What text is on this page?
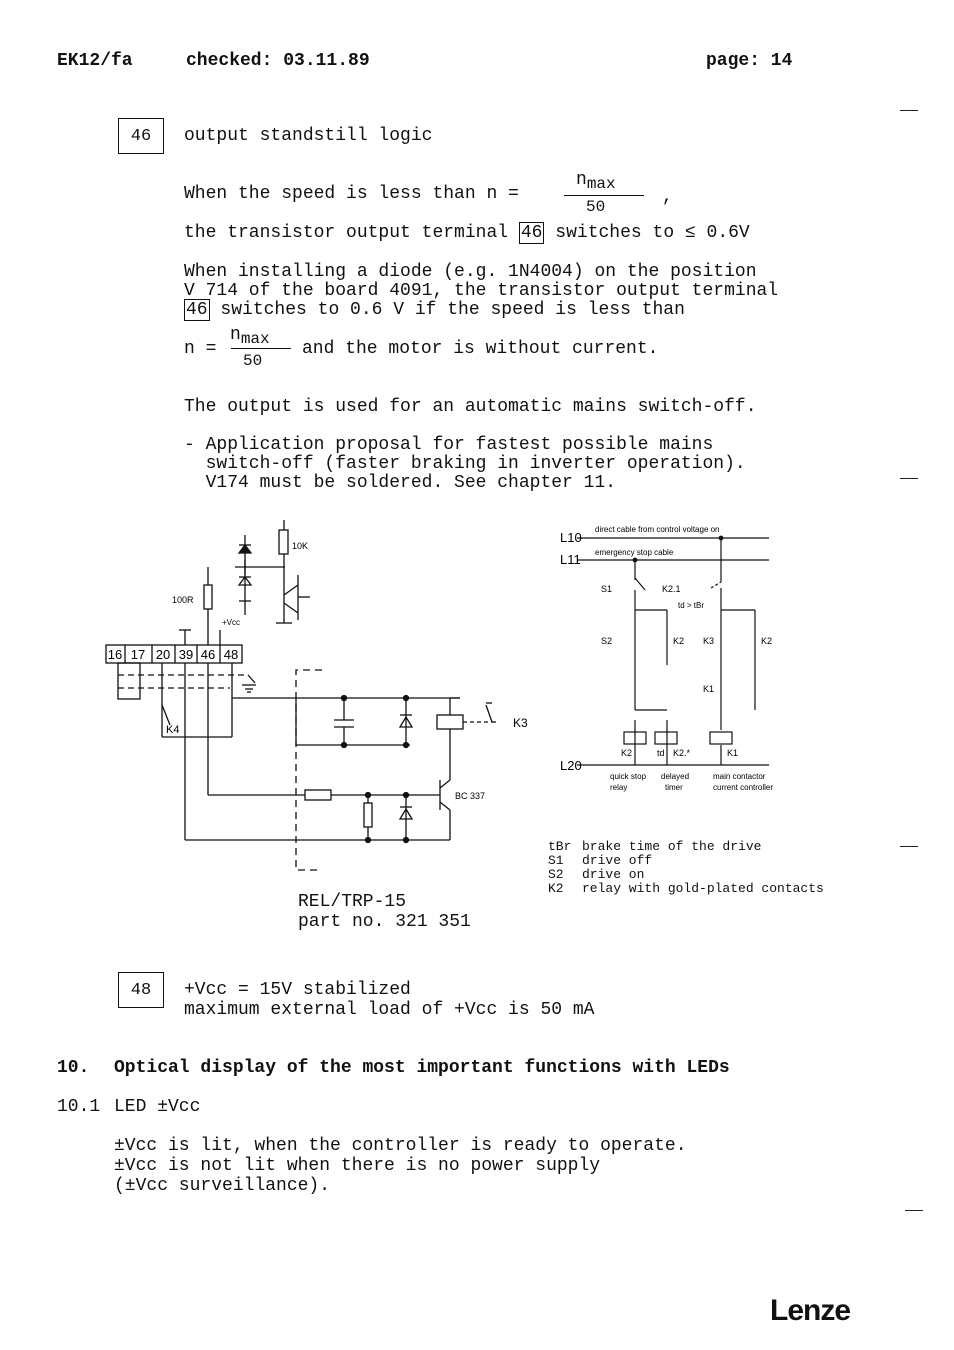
EK12/fa	checked: 03.11.89	page: 14
46	output standstill logic
When the speed is less than n =
nmax
50	,
the transistor output terminal 46 switches to ≤ 0.6V
When installing a diode (e.g. 1N4004) on the position
V 714 of the board 4091, the transistor output terminal
46 switches to 0.6 V if the speed is less than
n =
nmax
50
and the motor is without current.
The output is used for an automatic mains switch-off.
- Application proposal for fastest possible mains
switch-off (faster braking in inverter operation).
V174 must be soldered. See chapter 11.
10K
100R
+Vcc
16 17 20 39 46 48
K4	K3
BC 337
REL/TRP-15
part no. 321 351
L10
L11
L20
direct cable from control voltage on
emergency stop cable
S1	K2.1
td > tBr
S2	K2 K3	K2
K1
K2	td K2.*	K1
quick stop
relay
delayed
timer
main contactor
current controller
tBr brake time of the drive
S1 drive off
S2 drive on
K2 relay with gold-plated contacts
48	+Vcc = 15V stabilized
maximum external load of +Vcc is 50 mA
10. Optical display of the most important functions with LEDs
10.1 LED ±Vcc
±Vcc is lit, when the controller is ready to operate.
±Vcc is not lit when there is no power supply
(±Vcc surveillance).
Lenze
